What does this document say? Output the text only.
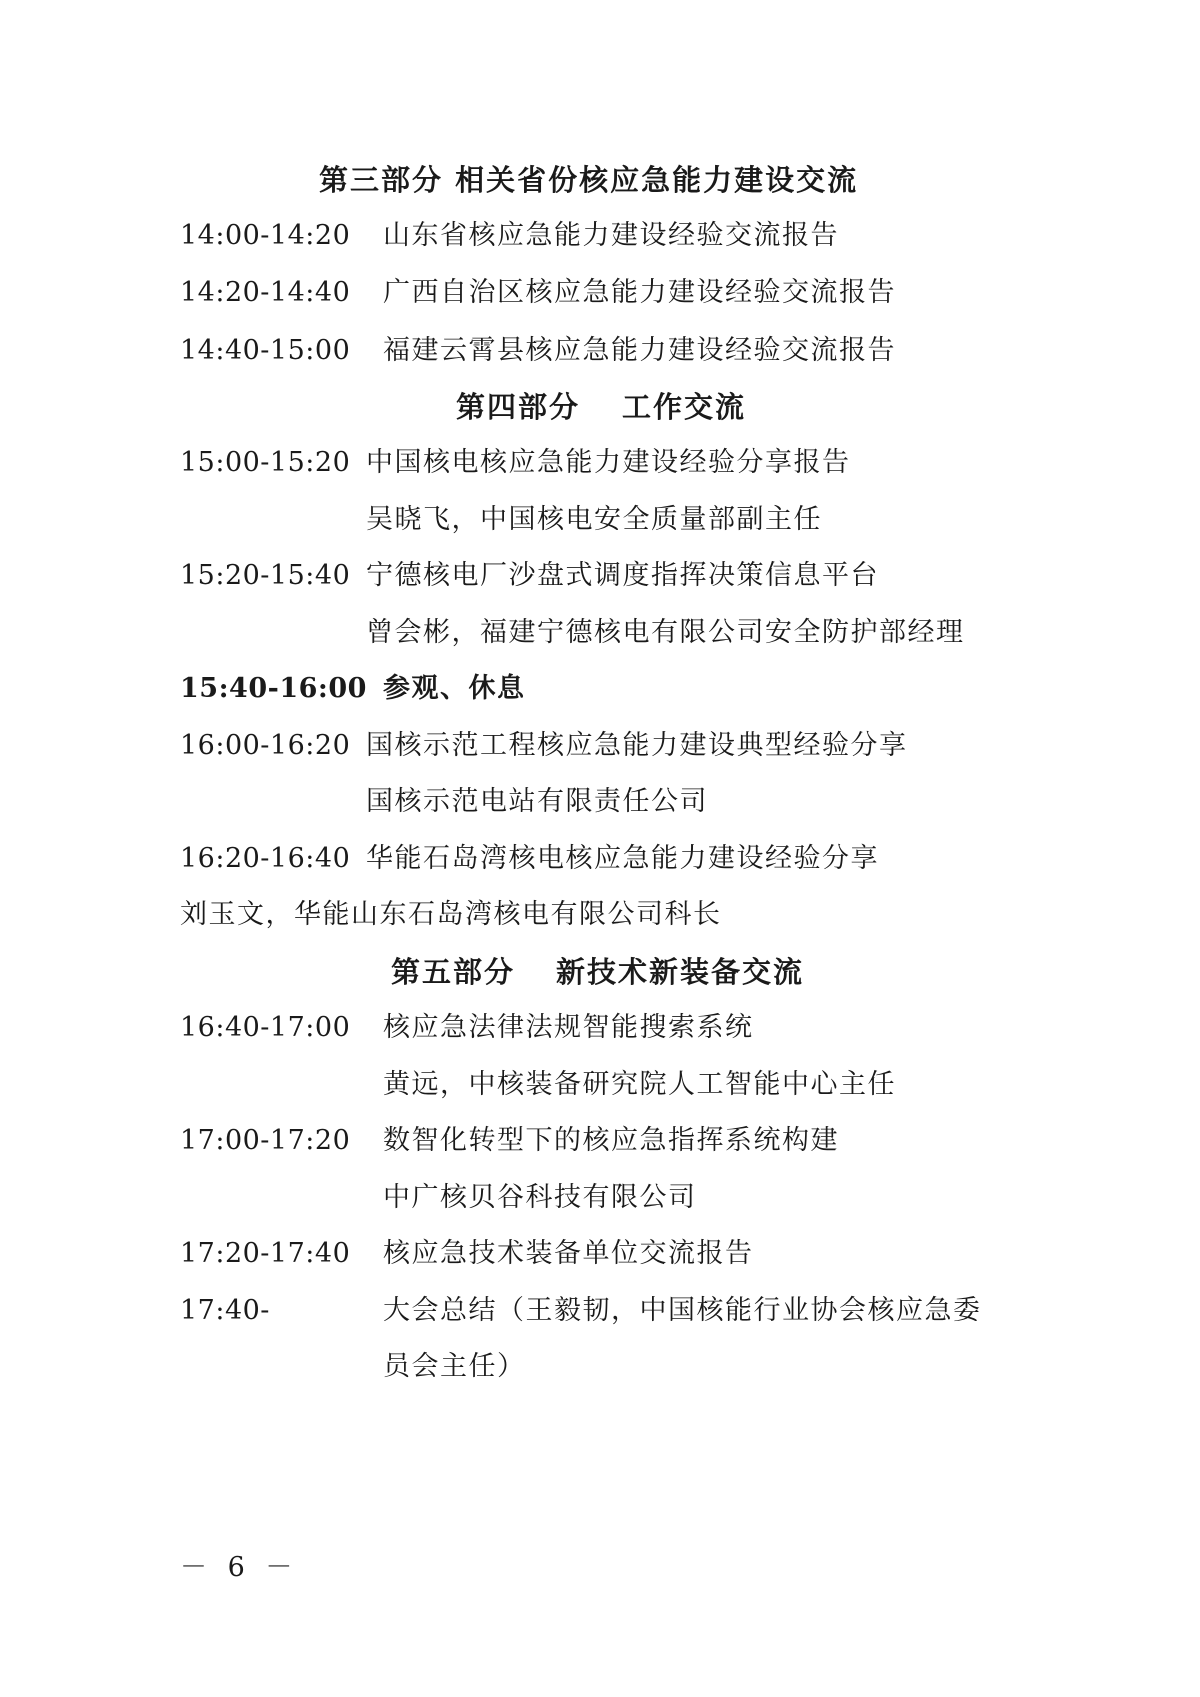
第三部分 相关省份核应急能力建设交流
14:00-14:20 山东省核应急能力建设经验交流报告
14:20-14:40 广西自治区核应急能力建设经验交流报告
14:40-15:00 福建云霄县核应急能力建设经验交流报告
第四部分 工作交流
15:00-15:20 中国核电核应急能力建设经验分享报告
吴晓飞，中国核电安全质量部副主任
15:20-15:40 宁德核电厂沙盘式调度指挥决策信息平台
曾会彬，福建宁德核电有限公司安全防护部经理
15:40-16:00 参观、休息
16:00-16:20 国核示范工程核应急能力建设典型经验分享
国核示范电站有限责任公司
16:20-16:40 华能石岛湾核电核应急能力建设经验分享
刘玉文，华能山东石岛湾核电有限公司科长
第五部分 新技术新装备交流
16:40-17:00 核应急法律法规智能搜索系统
黄远，中核装备研究院人工智能中心主任
17:00-17:20 数智化转型下的核应急指挥系统构建
中广核贝谷科技有限公司
17:20-17:40 核应急技术装备单位交流报告
17:40-	大会总结（王毅韧，中国核能行业协会核应急委
员会主任）
－ 6 －
